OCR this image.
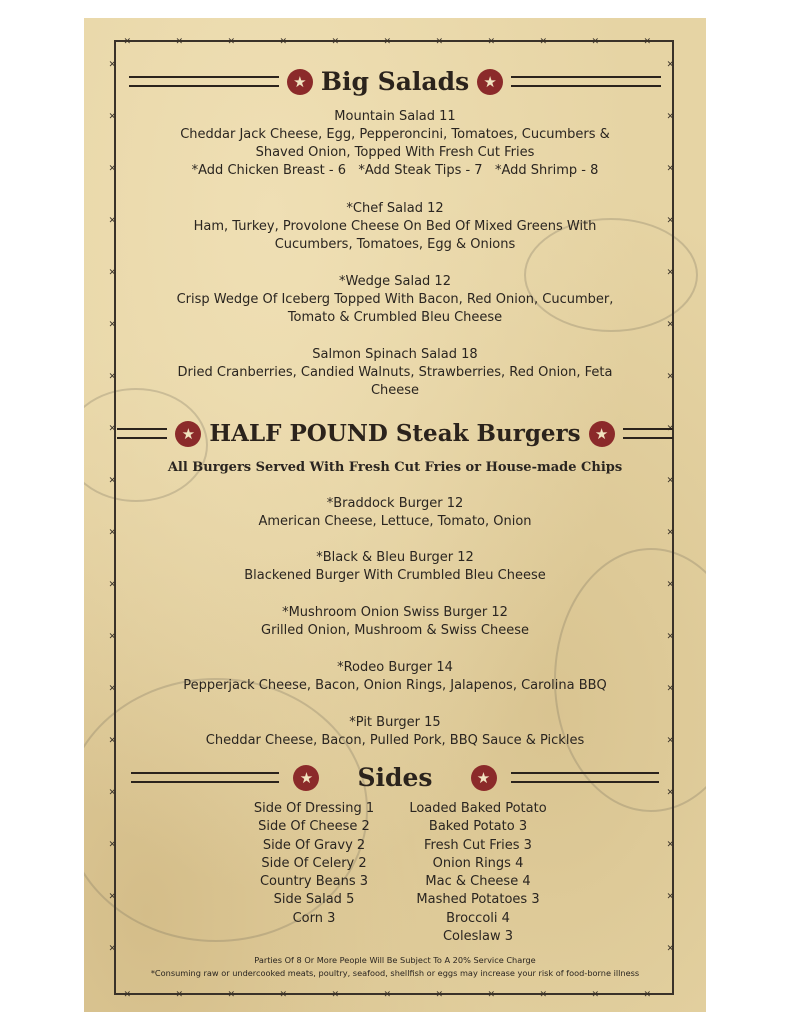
✕
✕
✕
✕
✕
✕
✕
✕
✕
✕
✕
✕
✕
✕
✕
✕
✕
✕
✕
✕
✕
✕
✕	✕
✕	✕
✕	✕
✕	✕
✕	✕
✕	✕
✕	✕
✕	✕
✕	✕
✕	✕
✕	✕
✕	✕
✕	✕
✕	✕
✕	✕
✕	✕
✕	✕
✕	✕
★ Big Salads ★
Mountain Salad 11
Cheddar Jack Cheese, Egg, Pepperoncini, Tomatoes, Cucumbers &
Shaved Onion, Topped With Fresh Cut Fries
*Add Chicken Breast - 6   *Add Steak Tips - 7   *Add Shrimp - 8
*Chef Salad 12
Ham, Turkey, Provolone Cheese On Bed Of Mixed Greens With
Cucumbers, Tomatoes, Egg & Onions
*Wedge Salad 12
Crisp Wedge Of Iceberg Topped With Bacon, Red Onion, Cucumber,
Tomato & Crumbled Bleu Cheese
Salmon Spinach Salad 18
Dried Cranberries, Candied Walnuts, Strawberries, Red Onion, Feta
Cheese
★ HALF POUND Steak Burgers ★
All Burgers Served With Fresh Cut Fries or House-made Chips
*Braddock Burger 12
American Cheese, Lettuce, Tomato, Onion
*Black & Bleu Burger 12
Blackened Burger With Crumbled Bleu Cheese
*Mushroom Onion Swiss Burger 12
Grilled Onion, Mushroom & Swiss Cheese
*Rodeo Burger 14
Pepperjack Cheese, Bacon, Onion Rings, Jalapenos, Carolina BBQ
*Pit Burger 15
Cheddar Cheese, Bacon, Pulled Pork, BBQ Sauce & Pickles
★ Sides	★
Side Of Dressing 1
Side Of Cheese 2
Side Of Gravy 2
Side Of Celery 2
Country Beans 3
Side Salad 5
Corn 3
Loaded Baked Potato
Baked Potato 3
Fresh Cut Fries 3
Onion Rings 4
Mac & Cheese 4
Mashed Potatoes 3
Broccoli 4
Coleslaw 3
Parties Of 8 Or More People Will Be Subject To A 20% Service Charge
*Consuming raw or undercooked meats, poultry, seafood, shellfish or eggs may increase your risk of food-borne illness
